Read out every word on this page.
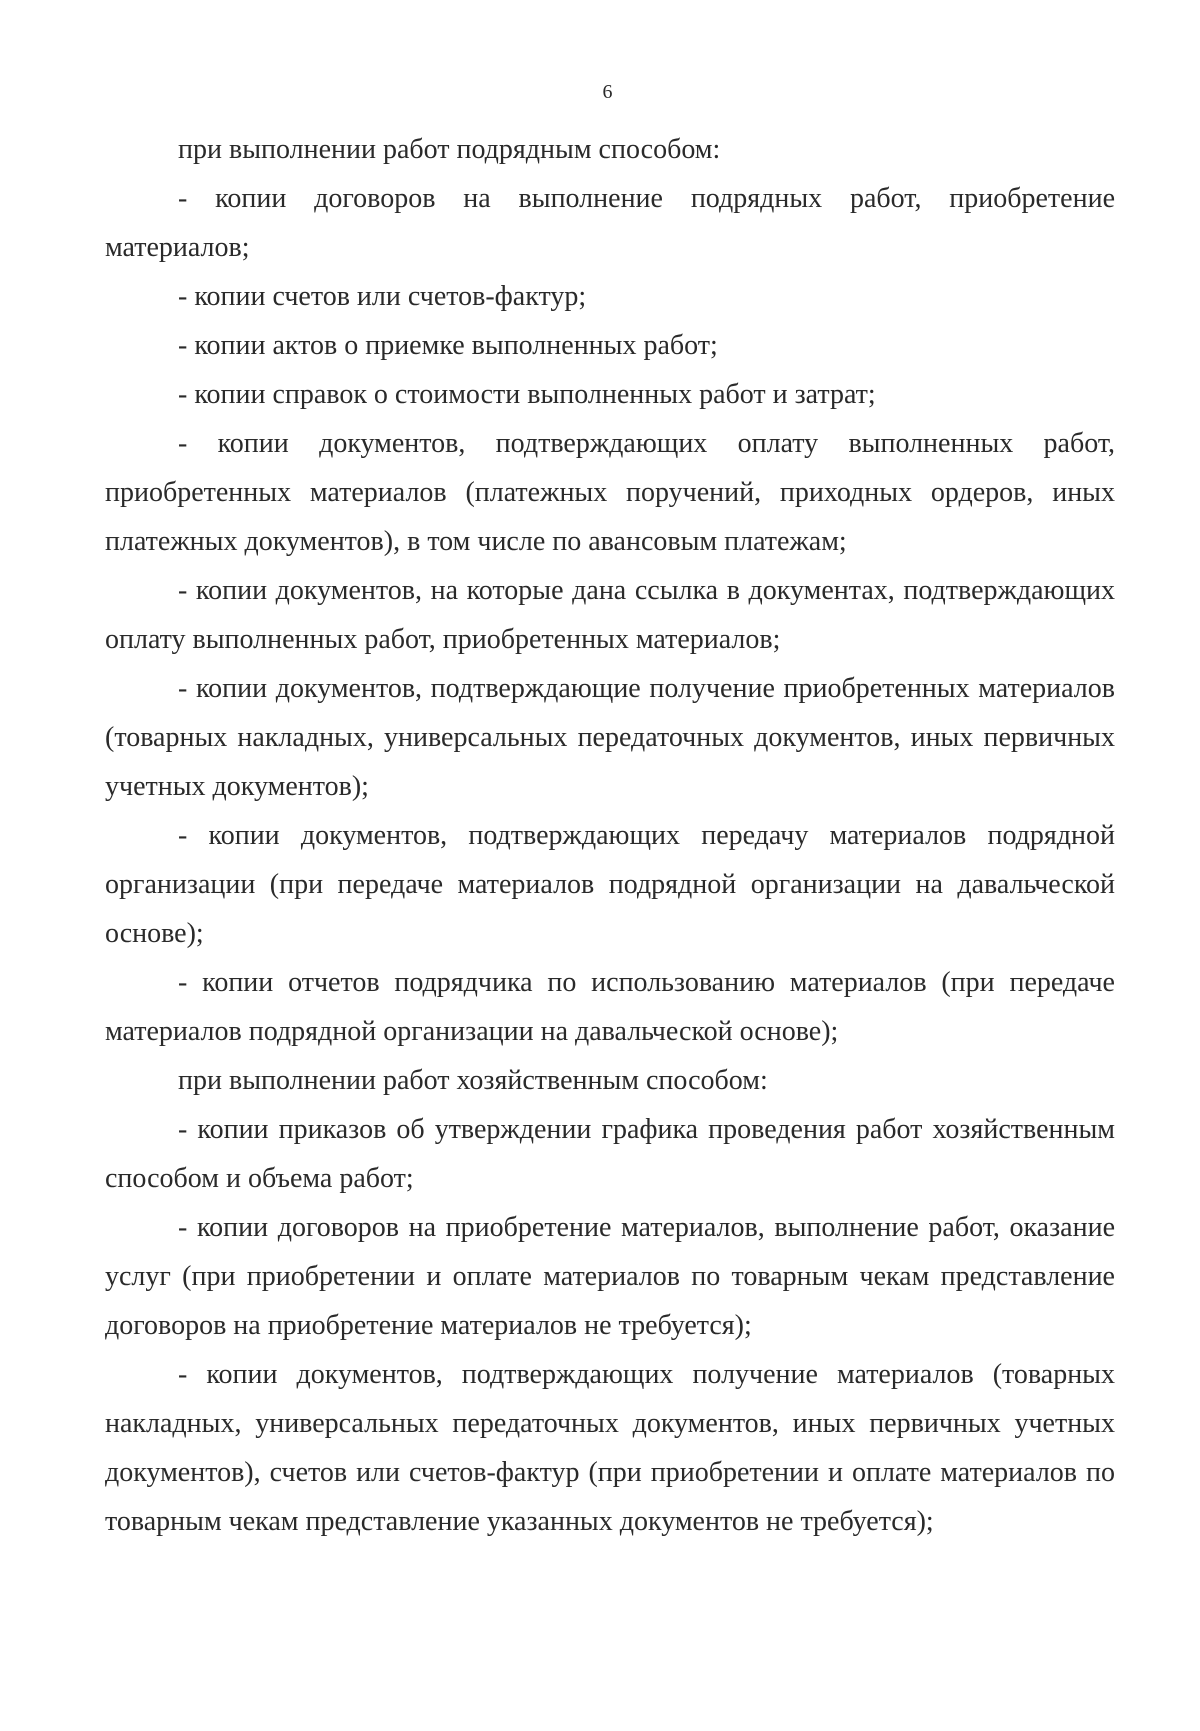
6

при выполнении работ подрядным способом:

- копии договоров на выполнение подрядных работ, приобретение материалов;

- копии счетов или счетов-фактур;

- копии актов о приемке выполненных работ;

- копии справок о стоимости выполненных работ и затрат;

- копии документов, подтверждающих оплату выполненных работ, приобретенных материалов (платежных поручений, приходных ордеров, иных платежных документов), в том числе по авансовым платежам;

- копии документов, на которые дана ссылка в документах, подтверждающих оплату выполненных работ, приобретенных материалов;

- копии документов, подтверждающие получение приобретенных материалов (товарных накладных, универсальных передаточных документов, иных первичных учетных документов);

- копии документов, подтверждающих передачу материалов подрядной организации (при передаче материалов подрядной организации на давальческой основе);

- копии отчетов подрядчика по использованию материалов (при передаче материалов подрядной организации на давальческой основе);

при выполнении работ хозяйственным способом:

- копии приказов об утверждении графика проведения работ хозяйственным способом и объема работ;

- копии договоров на приобретение материалов, выполнение работ, оказание услуг (при приобретении и оплате материалов по товарным чекам представление договоров на приобретение материалов не требуется);

- копии документов, подтверждающих получение материалов (товарных накладных, универсальных передаточных документов, иных первичных учетных документов), счетов или счетов-фактур (при приобретении и оплате материалов по товарным чекам представление указанных документов не требуется);
